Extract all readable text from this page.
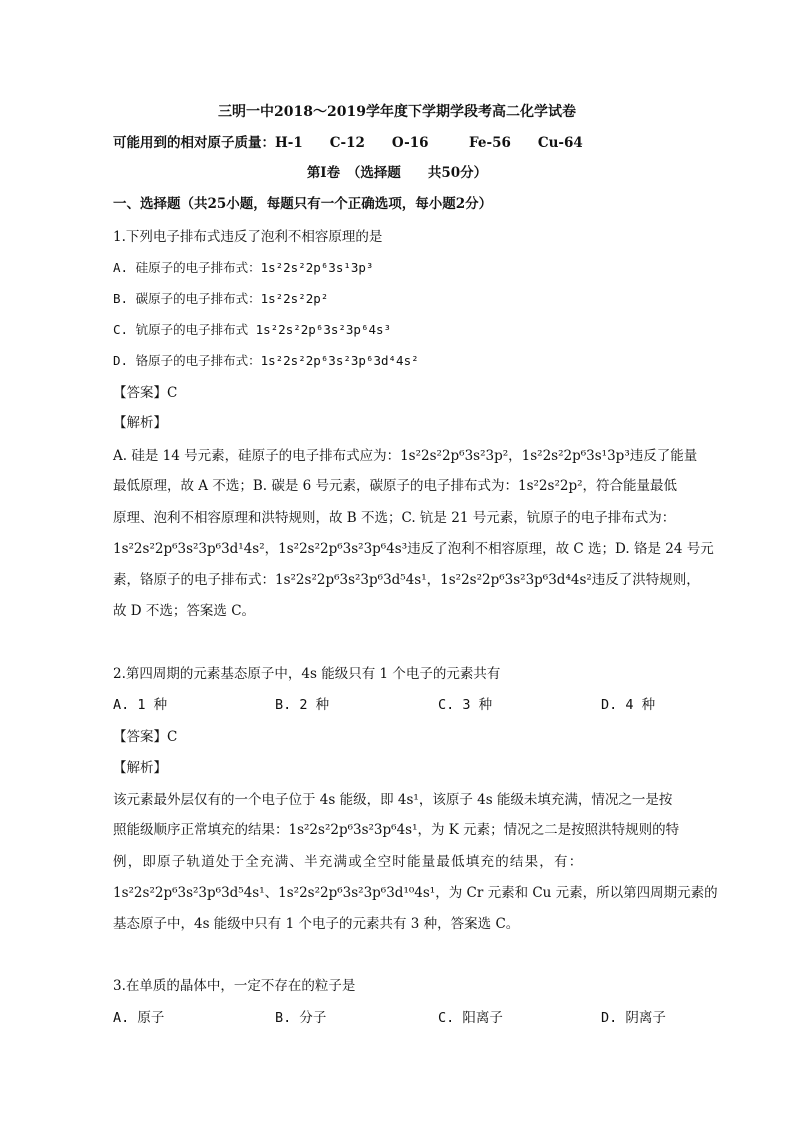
三明一中2018～2019学年度下学期学段考高二化学试卷
可能用到的相对原子质量：H-1　　C-12　　O-16　　　Fe-56　　Cu-64
第Ⅰ卷　（选择题　　共50分）
一、选择题（共25小题，每题只有一个正确选项，每小题2分）
1.下列电子排布式违反了泡利不相容原理的是
A. 硅原子的电子排布式：1s²2s²2p⁶3s¹3p³
B. 碳原子的电子排布式：1s²2s²2p²
C. 钪原子的电子排布式 1s²2s²2p⁶3s²3p⁶4s³
D. 铬原子的电子排布式：1s²2s²2p⁶3s²3p⁶3d⁴4s²
【答案】C
【解析】
A. 硅是 14 号元素，硅原子的电子排布式应为：1s²2s²2p⁶3s²3p²，1s²2s²2p⁶3s¹3p³违反了能量
最低原理，故 A 不选；B. 碳是 6 号元素，碳原子的电子排布式为：1s²2s²2p²，符合能量最低
原理、泡利不相容原理和洪特规则，故 B 不选；C. 钪是 21 号元素，钪原子的电子排布式为：
1s²2s²2p⁶3s²3p⁶3d¹4s²，1s²2s²2p⁶3s²3p⁶4s³违反了泡利不相容原理，故 C 选；D. 铬是 24 号元
素，铬原子的电子排布式：1s²2s²2p⁶3s²3p⁶3d⁵4s¹，1s²2s²2p⁶3s²3p⁶3d⁴4s²违反了洪特规则，
故 D 不选；答案选 C。
2.第四周期的元素基态原子中，4s 能级只有 1 个电子的元素共有
A. 1 种	B. 2 种	C. 3 种	D. 4 种
【答案】C
【解析】
该元素最外层仅有的一个电子位于 4s 能级，即 4s¹，该原子 4s 能级未填充满，情况之一是按
照能级顺序正常填充的结果：1s²2s²2p⁶3s²3p⁶4s¹，为 K 元素；情况之二是按照洪特规则的特
例，即原子轨道处于全充满、半充满或全空时能量最低填充的结果，有：
1s²2s²2p⁶3s²3p⁶3d⁵4s¹、1s²2s²2p⁶3s²3p⁶3d¹⁰4s¹，为 Cr 元素和 Cu 元素，所以第四周期元素的
基态原子中，4s 能级中只有 1 个电子的元素共有 3 种，答案选 C。
3.在单质的晶体中，一定不存在的粒子是
A. 原子	B. 分子	C. 阳离子	D. 阴离子
